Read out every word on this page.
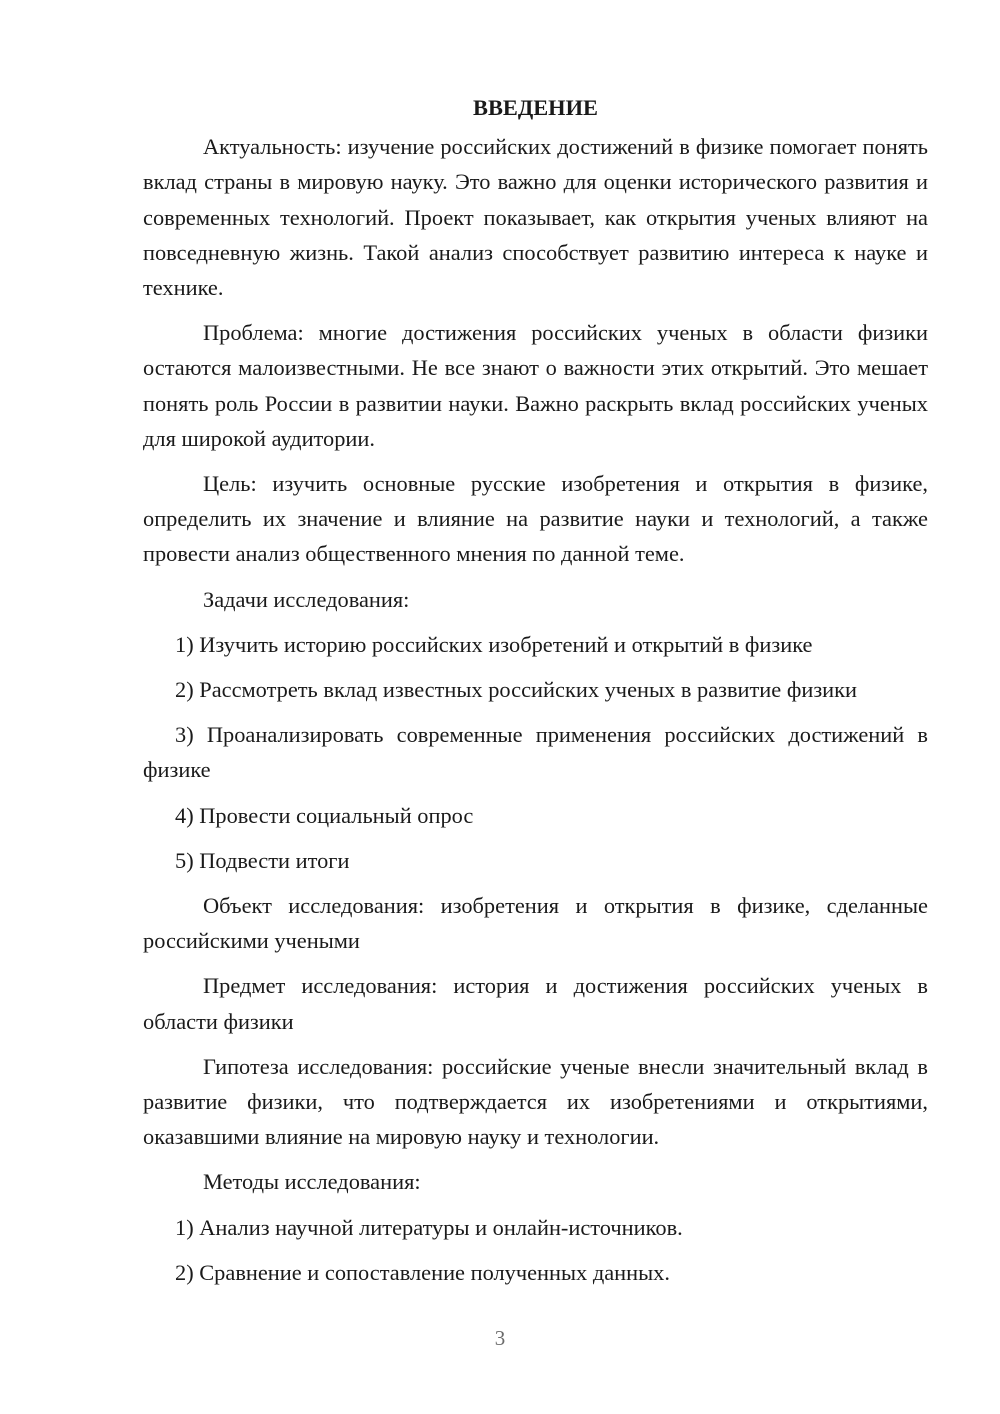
ВВЕДЕНИЕ

Актуальность: изучение российских достижений в физике помогает понять вклад страны в мировую науку. Это важно для оценки исторического развития и современных технологий. Проект показывает, как открытия ученых влияют на повседневную жизнь. Такой анализ способствует развитию интереса к науке и технике.

Проблема: многие достижения российских ученых в области физики остаются малоизвестными. Не все знают о важности этих открытий. Это мешает понять роль России в развитии науки. Важно раскрыть вклад российских ученых для широкой аудитории.

Цель: изучить основные русские изобретения и открытия в физике, определить их значение и влияние на развитие науки и технологий, а также провести анализ общественного мнения по данной теме.

Задачи исследования:

1) Изучить историю российских изобретений и открытий в физике

2) Рассмотреть вклад известных российских ученых в развитие физики

3) Проанализировать современные применения российских достижений в физике

4) Провести социальный опрос

5) Подвести итоги

Объект исследования: изобретения и открытия в физике, сделанные российскими учеными

Предмет исследования: история и достижения российских ученых в области физики

Гипотеза исследования: российские ученые внесли значительный вклад в развитие физики, что подтверждается их изобретениями и открытиями, оказавшими влияние на мировую науку и технологии.

Методы исследования:

1) Анализ научной литературы и онлайн-источников.

2) Сравнение и сопоставление полученных данных.

3
